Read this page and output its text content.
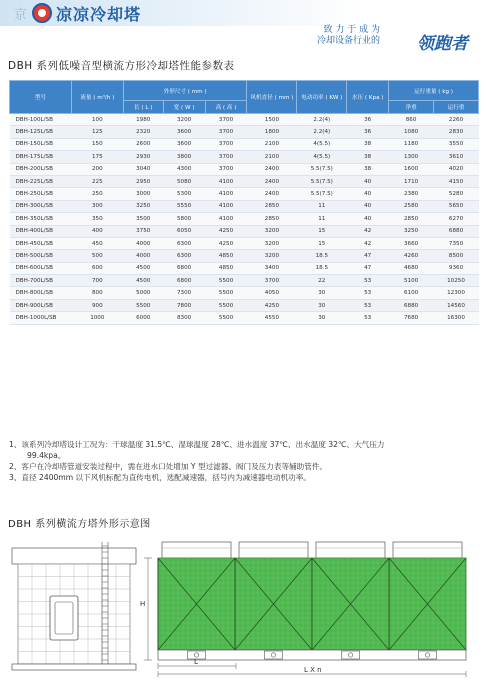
京 凉凉冷却塔
致 力 于 成 为
冷却设备行业的 领跑者
DBH 系列低噪音型横流方形冷却塔性能参数表
型号	流量 ( m³/h )	外形尺寸 ( mm )			风机直径 ( mm )	电动功率 ( KW )	水压 ( Kpa )	运行重量 ( kg )	
		长 ( L )	宽 ( W )	高 ( 高 )				净重	运行重
DBH-100L/SB	100	1980	3200	3700	1500	2.2(4)	36	860	2260
DBH-125L/SB	125	2320	3600	3700	1800	2.2(4)	36	1080	2830
DBH-150L/SB	150	2600	3600	3700	2100	4(5.5)	38	1180	3550
DBH-175L/SB	175	2930	3800	3700	2100	4(5.5)	38	1300	3610
DBH-200L/SB	200	3040	4300	3700	2400	5.5(7.5)	38	1600	4020
DBH-225L/SB	225	2950	5080	4100	2400	5.5(7.5)	40	1710	4150
DBH-250L/SB	250	3000	5300	4100	2400	5.5(7.5)	40	2380	5280
DBH-300L/SB	300	3250	5550	4100	2850	11	40	2580	5650
DBH-350L/SB	350	3500	5800	4100	2850	11	40	2850	6270
DBH-400L/SB	400	3750	6050	4250	3200	15	42	3250	6880
DBH-450L/SB	450	4000	6300	4250	3200	15	42	3660	7350
DBH-500L/SB	500	4000	6300	4850	3200	18.5	47	4260	8500
DBH-600L/SB	600	4500	6800	4850	3400	18.5	47	4680	9360
DBH-700L/SB	700	4500	6800	5500	3700	22	53	5100	10250
DBH-800L/SB	800	5000	7300	5500	4050	30	53	6100	12300
DBH-900L/SB	900	5500	7800	5500	4250	30	53	6880	14560
DBH-1000L/SB	1000	6000	8300	5500	4550	30	53	7680	16300
1、该系列冷却塔设计工况为：干球温度 31.5℃、湿球温度 28℃、进水温度 37℃、出水温度 32℃、大气压力
99.4kpa。
2、客户在冷却塔管道安装过程中，需在进水口处增加 Y 型过滤器、阀门及压力表等辅助管件。
3、直径 2400mm 以下风机标配为直传电机，选配减速器，括号内为减速器电动机功率。
DBH 系列横流方塔外形示意图
H
L
L X n
